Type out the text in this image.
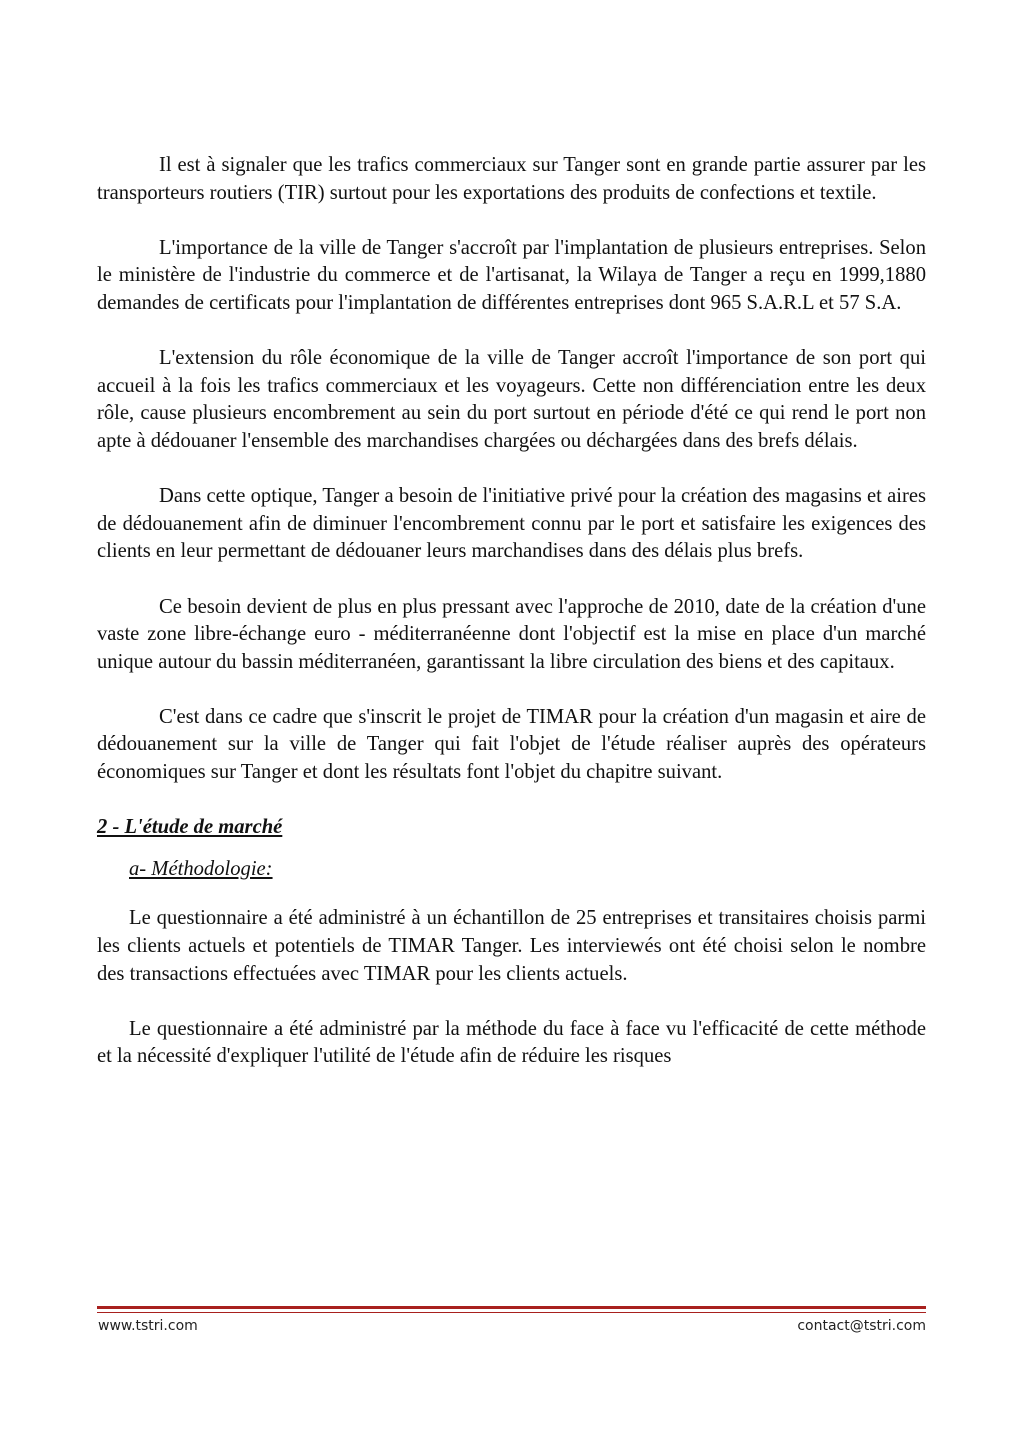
Il est à signaler que les trafics commerciaux sur Tanger sont en grande partie assurer par les transporteurs routiers (TIR) surtout pour les exportations des produits de confections et textile.

L'importance de la ville de Tanger s'accroît par l'implantation de plusieurs entreprises. Selon le ministère de l'industrie du commerce et de l'artisanat, la Wilaya de Tanger a reçu en 1999,1880 demandes de certificats pour l'implantation de différentes entreprises dont 965 S.A.R.L et 57 S.A.

L'extension du rôle économique de la ville de Tanger accroît l'importance de son port qui accueil à la fois les trafics commerciaux et les voyageurs. Cette non différenciation entre les deux rôle, cause plusieurs encombrement au sein du port surtout en période d'été ce qui rend le port non apte à dédouaner l'ensemble des marchandises chargées ou déchargées dans des brefs délais.

Dans cette optique, Tanger a besoin de l'initiative privé pour la création des magasins et aires de dédouanement afin de diminuer l'encombrement connu par le port et satisfaire les exigences des clients en leur permettant de dédouaner leurs marchandises dans des délais plus brefs.

Ce besoin devient de plus en plus pressant avec l'approche de 2010, date de la création d'une vaste zone libre-échange euro - méditerranéenne dont l'objectif est la mise en place d'un marché unique autour du bassin méditerranéen, garantissant la libre circulation des biens et des capitaux.

C'est dans ce cadre que s'inscrit le projet de TIMAR pour la création d'un magasin et aire de dédouanement sur la ville de Tanger qui fait l'objet de l'étude réaliser auprès des opérateurs économiques sur Tanger et dont les résultats font l'objet du chapitre suivant.

2 - L'étude de marché
a- Méthodologie:

Le questionnaire a été administré à un échantillon de 25 entreprises et transitaires choisis parmi les clients actuels et potentiels de TIMAR Tanger. Les interviewés ont été choisi selon le nombre des transactions effectuées avec TIMAR pour les clients actuels.

Le questionnaire a été administré par la méthode du face à face vu l'efficacité de cette méthode et la nécessité d'expliquer l'utilité de l'étude afin de réduire les risques

www.tstri.com	contact@tstri.com
